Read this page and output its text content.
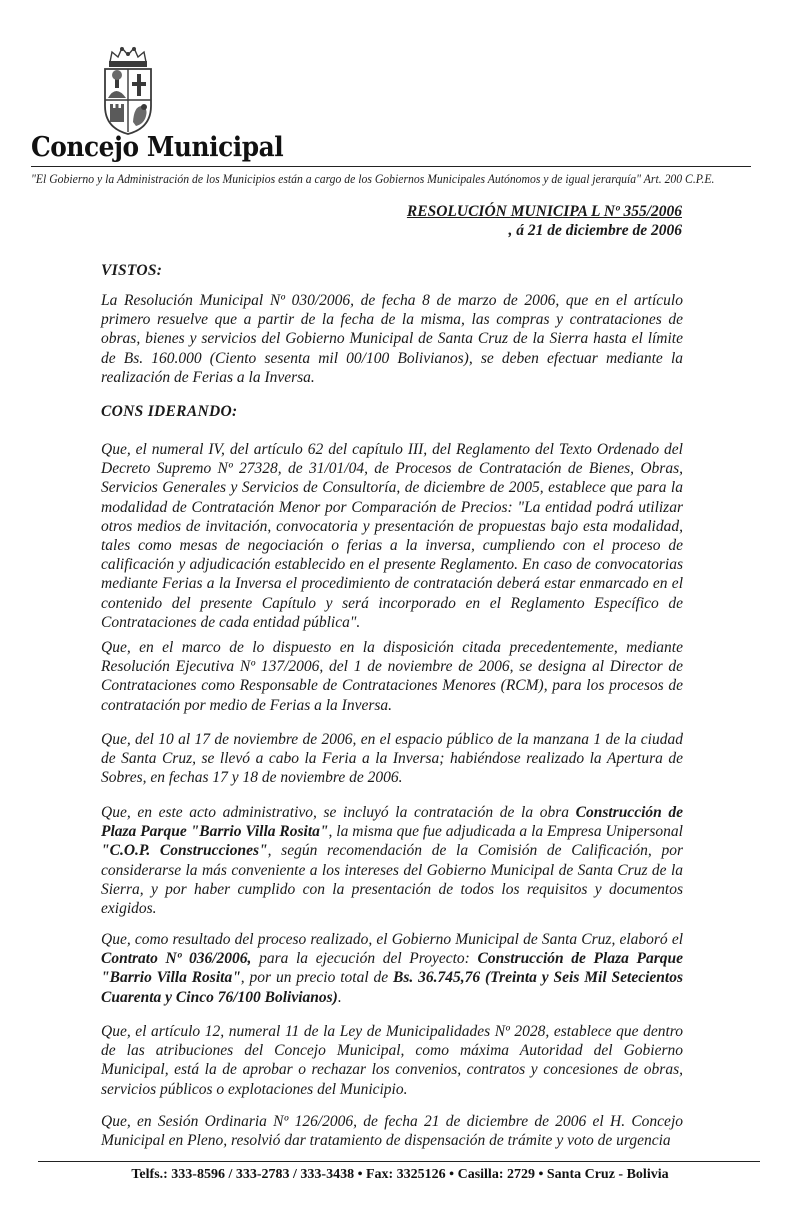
Concejo Municipal
"El Gobierno y la Administración de los Municipios están a cargo de los Gobiernos Municipales Autónomos y de igual jerarquía" Art. 200 C.P.E.
RESOLUCIÓN MUNICIPA L Nº 355/2006
, á 21 de diciembre de 2006
VISTOS:
La Resolución Municipal Nº 030/2006, de fecha 8 de marzo de 2006, que en el artículo primero resuelve que a partir de la fecha de la misma, las compras y contrataciones de obras, bienes y servicios del Gobierno Municipal de Santa Cruz de la Sierra hasta el límite de Bs. 160.000 (Ciento sesenta mil 00/100 Bolivianos), se deben efectuar mediante la realización de Ferias a la Inversa.
CONS IDERANDO:
Que, el numeral IV, del artículo 62 del capítulo III, del Reglamento del Texto Ordenado del Decreto Supremo Nº 27328, de 31/01/04, de Procesos de Contratación de Bienes, Obras, Servicios Generales y Servicios de Consultoría, de diciembre de 2005, establece que para la modalidad de Contratación Menor por Comparación de Precios: "La entidad podrá utilizar otros medios de invitación, convocatoria y presentación de propuestas bajo esta modalidad, tales como mesas de negociación o ferias a la inversa, cumpliendo con el proceso de calificación y adjudicación establecido en el presente Reglamento. En caso de convocatorias mediante Ferias a la Inversa el procedimiento de contratación deberá estar enmarcado en el contenido del presente Capítulo y será incorporado en el Reglamento Específico de Contrataciones de cada entidad pública".
Que, en el marco de lo dispuesto en la disposición citada precedentemente, mediante Resolución Ejecutiva Nº 137/2006, del 1 de noviembre de 2006, se designa al Director de Contrataciones como Responsable de Contrataciones Menores (RCM), para los procesos de contratación por medio de Ferias a la Inversa.
Que, del 10 al 17 de noviembre de 2006, en el espacio público de la manzana 1 de la ciudad de Santa Cruz, se llevó a cabo la Feria a la Inversa; habiéndose realizado la Apertura de Sobres, en fechas 17 y 18 de noviembre de 2006.
Que, en este acto administrativo, se incluyó la contratación de la obra Construcción de Plaza Parque "Barrio Villa Rosita", la misma que fue adjudicada a la Empresa Unipersonal "C.O.P. Construcciones", según recomendación de la Comisión de Calificación, por considerarse la más conveniente a los intereses del Gobierno Municipal de Santa Cruz de la Sierra, y por haber cumplido con la presentación de todos los requisitos y documentos exigidos.
Que, como resultado del proceso realizado, el Gobierno Municipal de Santa Cruz, elaboró el Contrato Nº 036/2006, para la ejecución del Proyecto: Construcción de Plaza Parque "Barrio Villa Rosita", por un precio total de Bs. 36.745,76 (Treinta y Seis Mil Setecientos Cuarenta y Cinco 76/100 Bolivianos).
Que, el artículo 12, numeral 11 de la Ley de Municipalidades Nº 2028, establece que dentro de las atribuciones del Concejo Municipal, como máxima Autoridad del Gobierno Municipal, está la de aprobar o rechazar los convenios, contratos y concesiones de obras, servicios públicos o explotaciones del Municipio.
Que, en Sesión Ordinaria Nº 126/2006, de fecha 21 de diciembre de 2006 el H. Concejo Municipal en Pleno, resolvió dar tratamiento de dispensación de trámite y voto de urgencia
Telfs.: 333-8596 / 333-2783 / 333-3438 • Fax: 3325126 • Casilla: 2729 • Santa Cruz - Bolivia
